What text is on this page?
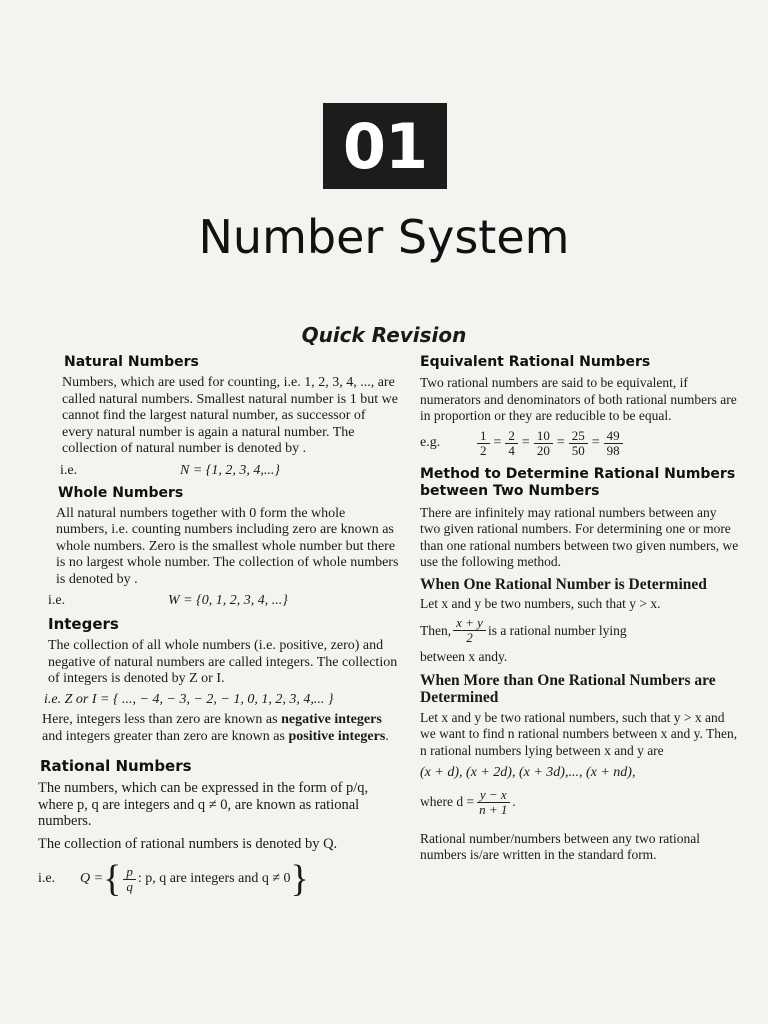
01
Number System
Quick Revision
Natural Numbers

Numbers, which are used for counting, i.e. 1, 2, 3, 4, ..., are called natural numbers. Smallest natural number is 1 but we cannot find the largest natural number, as successor of every natural number is again a natural number. The collection of natural number is denoted by .

i.e.	N = {1, 2, 3, 4,...}
Whole Numbers

All natural numbers together with 0 form the whole numbers, i.e. counting numbers including zero are known as whole numbers. Zero is the smallest whole number but there is no largest whole number. The collection of whole numbers is denoted by .

i.e.	W = {0, 1, 2, 3, 4, ...}
Integers

The collection of all whole numbers (i.e. positive, zero) and negative of natural numbers are called integers. The collection of integers is denoted by Z or I.

i.e. Z or I = { ..., − 4, − 3, − 2, − 1, 0, 1, 2, 3, 4,... }

Here, integers less than zero are known as negative integers and integers greater than zero are known as positive integers.

Rational Numbers

The numbers, which can be expressed in the form of p/q, where p, q are integers and q ≠ 0, are known as rational numbers.

The collection of rational numbers is denoted by Q.

i.e.	Q = { $\frac{p}{q}$ : p, q are integers and q ≠ 0 }
Equivalent Rational Numbers

Two rational numbers are said to be equivalent, if numerators and denominators of both rational numbers are in proportion or they are reducible to be equal.

e.g.	$\frac{1}{2} = \frac{2}{4} = \frac{10}{20} = \frac{25}{50} = \frac{49}{98}$
Method to Determine Rational Numbers between Two Numbers

There are infinitely may rational numbers between any two given rational numbers. For determining one or more than one rational numbers between two given numbers, we use the following method.

When One Rational Number is Determined

Let x and y be two numbers, such that y > x.

Then, $\frac{x + y}{2}$ is a rational number lying

between x andy.

When More than One Rational Numbers are Determined

Let x and y be two rational numbers, such that y > x and we want to find n rational numbers between x and y. Then, n rational numbers lying between x and y are

(x + d), (x + 2d), (x + 3d),..., (x + nd),

where $d = \frac{y - x}{n + 1}$ .

Rational number/numbers between any two rational numbers is/are written in the standard form.
